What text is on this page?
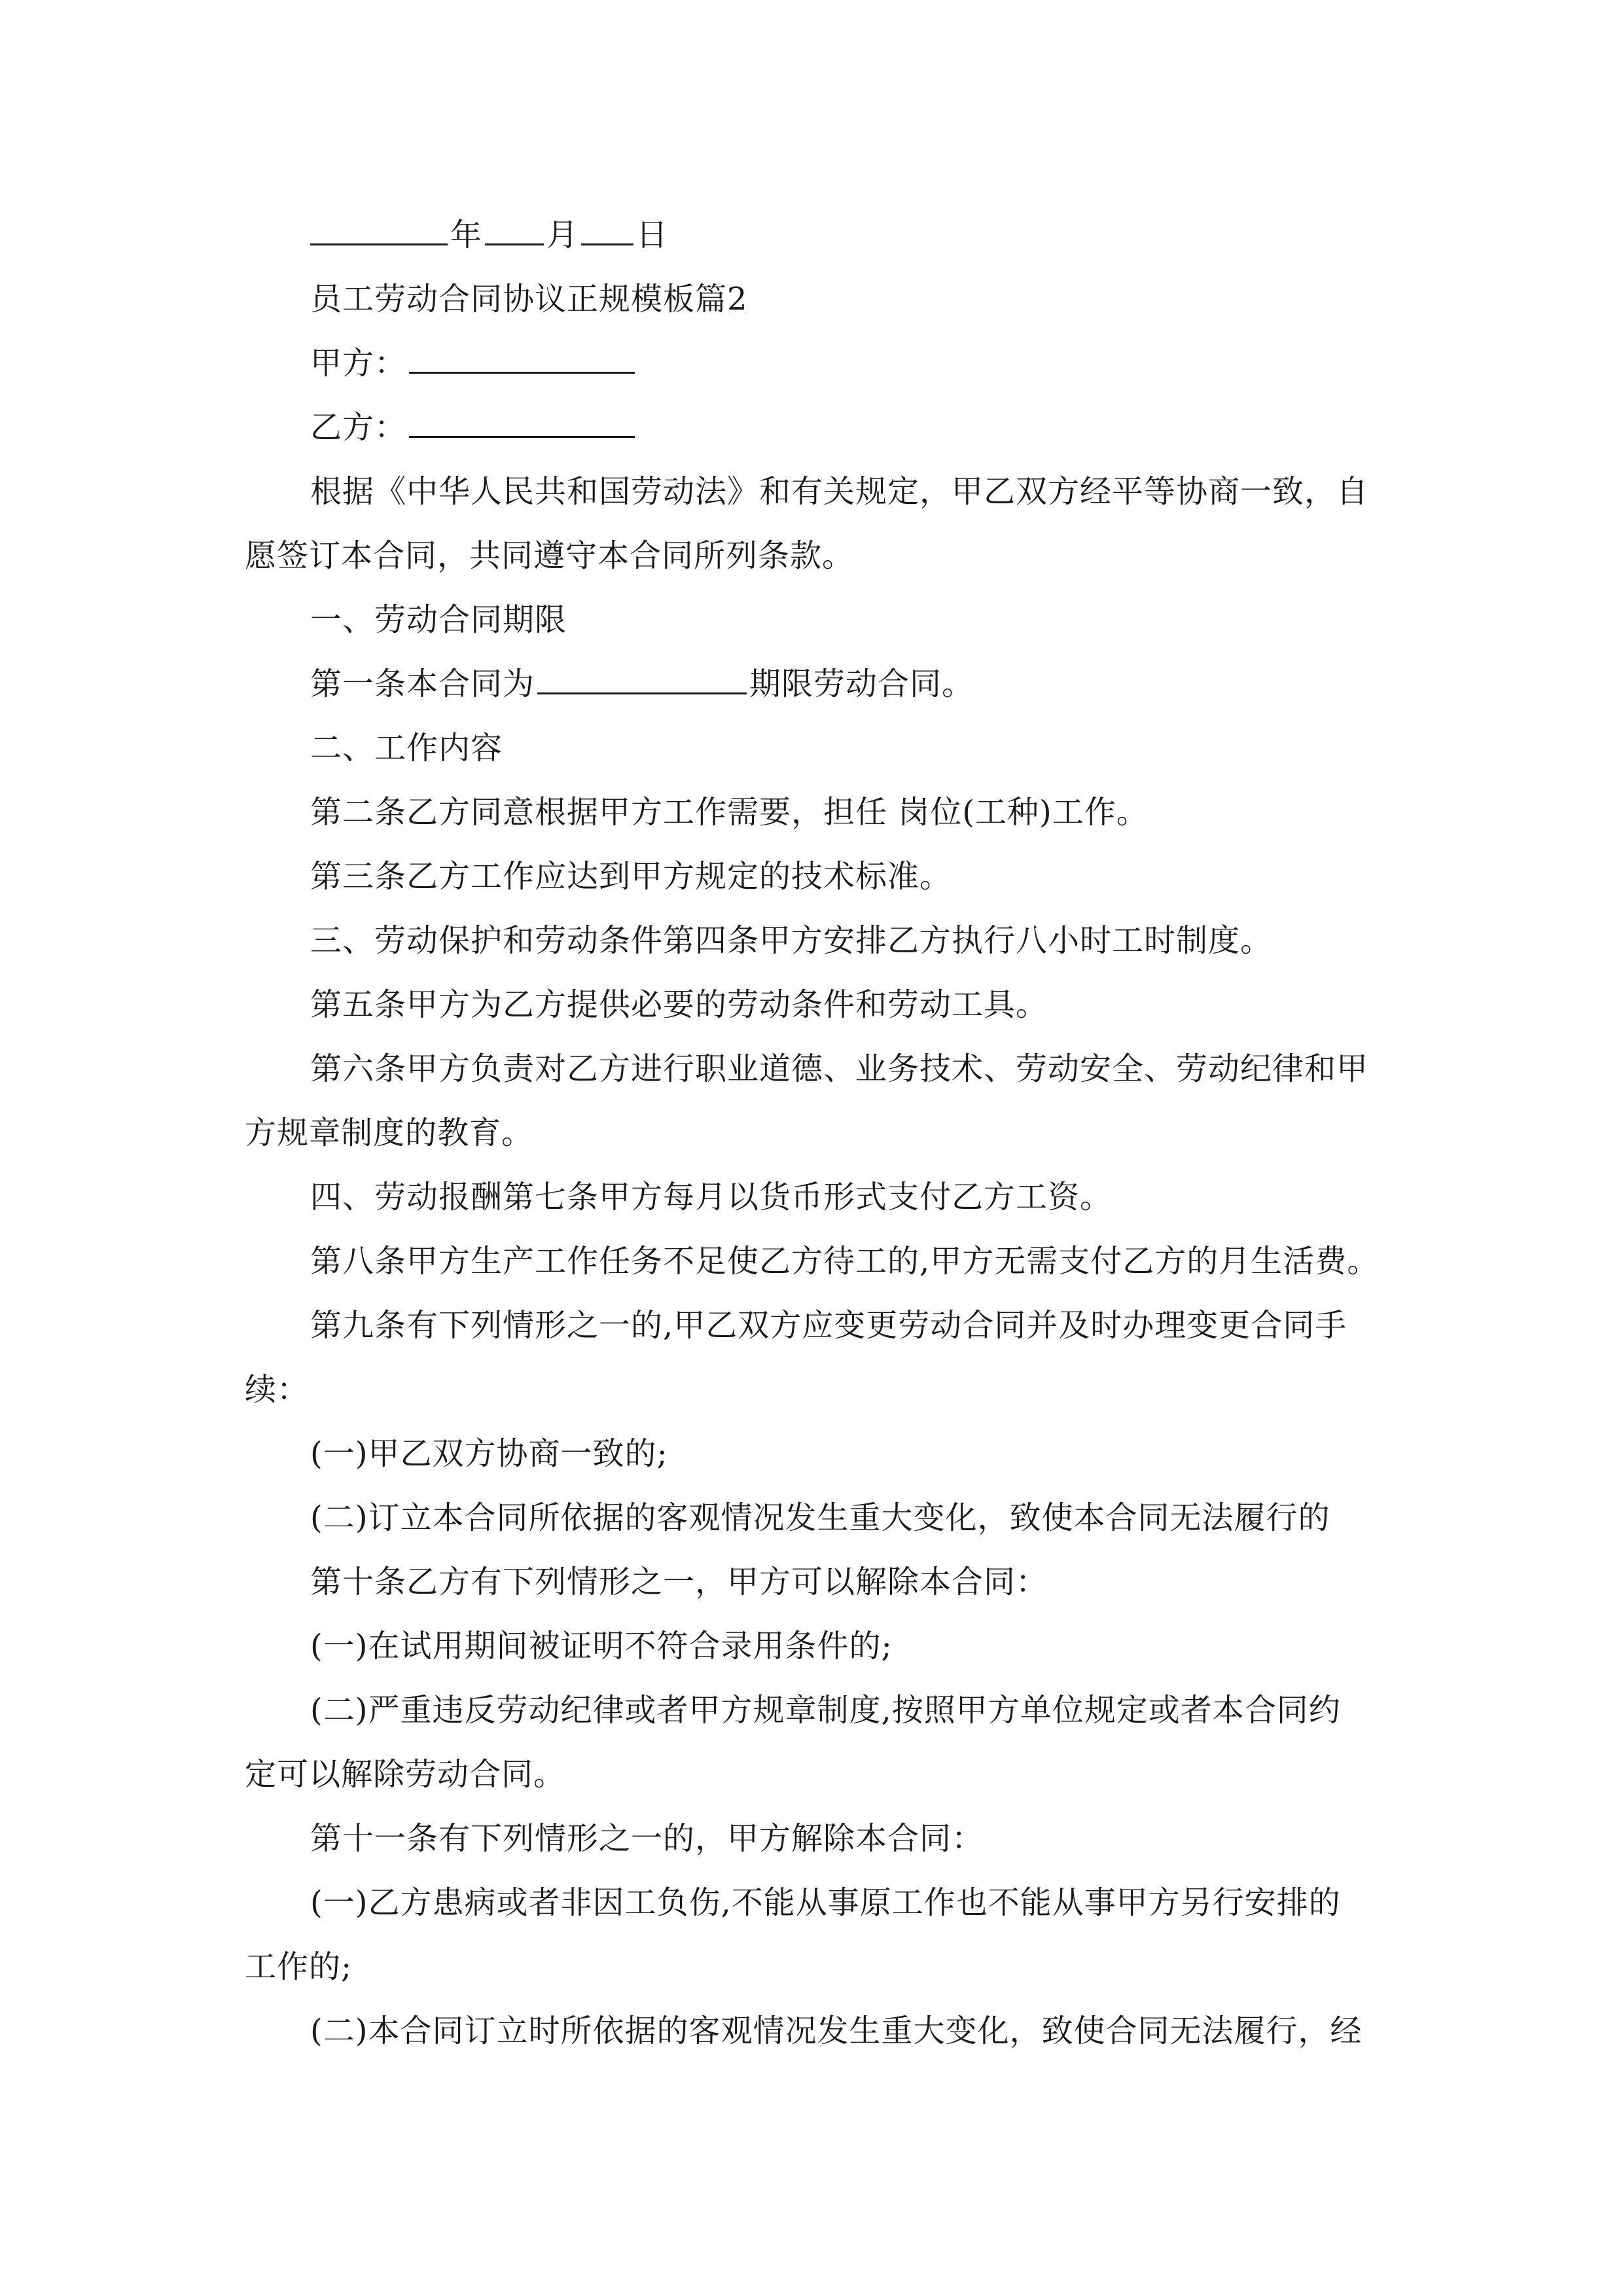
年 月 日
员工劳动合同协议正规模板篇2
甲方：
乙方：
根据《中华人民共和国劳动法》和有关规定，甲乙双方经平等协商一致，自
愿签订本合同，共同遵守本合同所列条款。
一、劳动合同期限
第一条本合同为	期限劳动合同。
二、工作内容
第二条乙方同意根据甲方工作需要，担任 岗位(工种)工作。
第三条乙方工作应达到甲方规定的技术标准。
三、劳动保护和劳动条件第四条甲方安排乙方执行八小时工时制度。
第五条甲方为乙方提供必要的劳动条件和劳动工具。
第六条甲方负责对乙方进行职业道德、业务技术、劳动安全、劳动纪律和甲
方规章制度的教育。
四、劳动报酬第七条甲方每月以货币形式支付乙方工资。
第八条甲方生产工作任务不足使乙方待工的,甲方无需支付乙方的月生活费。
第九条有下列情形之一的,甲乙双方应变更劳动合同并及时办理变更合同手
续：
(一)甲乙双方协商一致的;
(二)订立本合同所依据的客观情况发生重大变化，致使本合同无法履行的
第十条乙方有下列情形之一，甲方可以解除本合同：
(一)在试用期间被证明不符合录用条件的;
(二)严重违反劳动纪律或者甲方规章制度,按照甲方单位规定或者本合同约
定可以解除劳动合同。
第十一条有下列情形之一的，甲方解除本合同：
(一)乙方患病或者非因工负伤,不能从事原工作也不能从事甲方另行安排的
工作的;
(二)本合同订立时所依据的客观情况发生重大变化，致使合同无法履行，经
